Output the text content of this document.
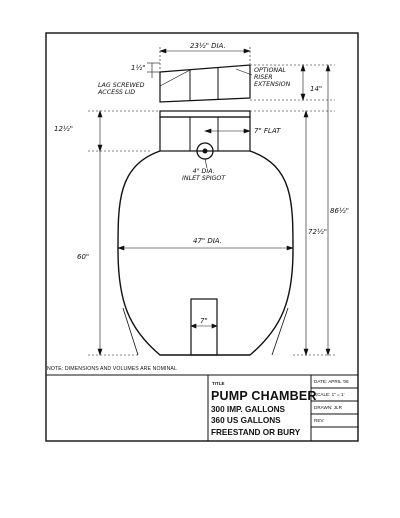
23½" DIA.
1½"
14"
12½"	7" FLAT
47" DIA.
60"
72½"
86½"
7"
LAG SCREWED
ACCESS LID
OPTIONAL
RISER
EXTENSION
4" DIA.
INLET SPIGOT
NOTE: DIMENSIONS AND VOLUMES ARE NOMINAL
TITLE
PUMP CHAMBER
300 IMP. GALLONS
360 US GALLONS
FREESTAND OR BURY
DATE: APRIL '06
SCALE: 1" = 1'
DRAWN: JLR
REV:
